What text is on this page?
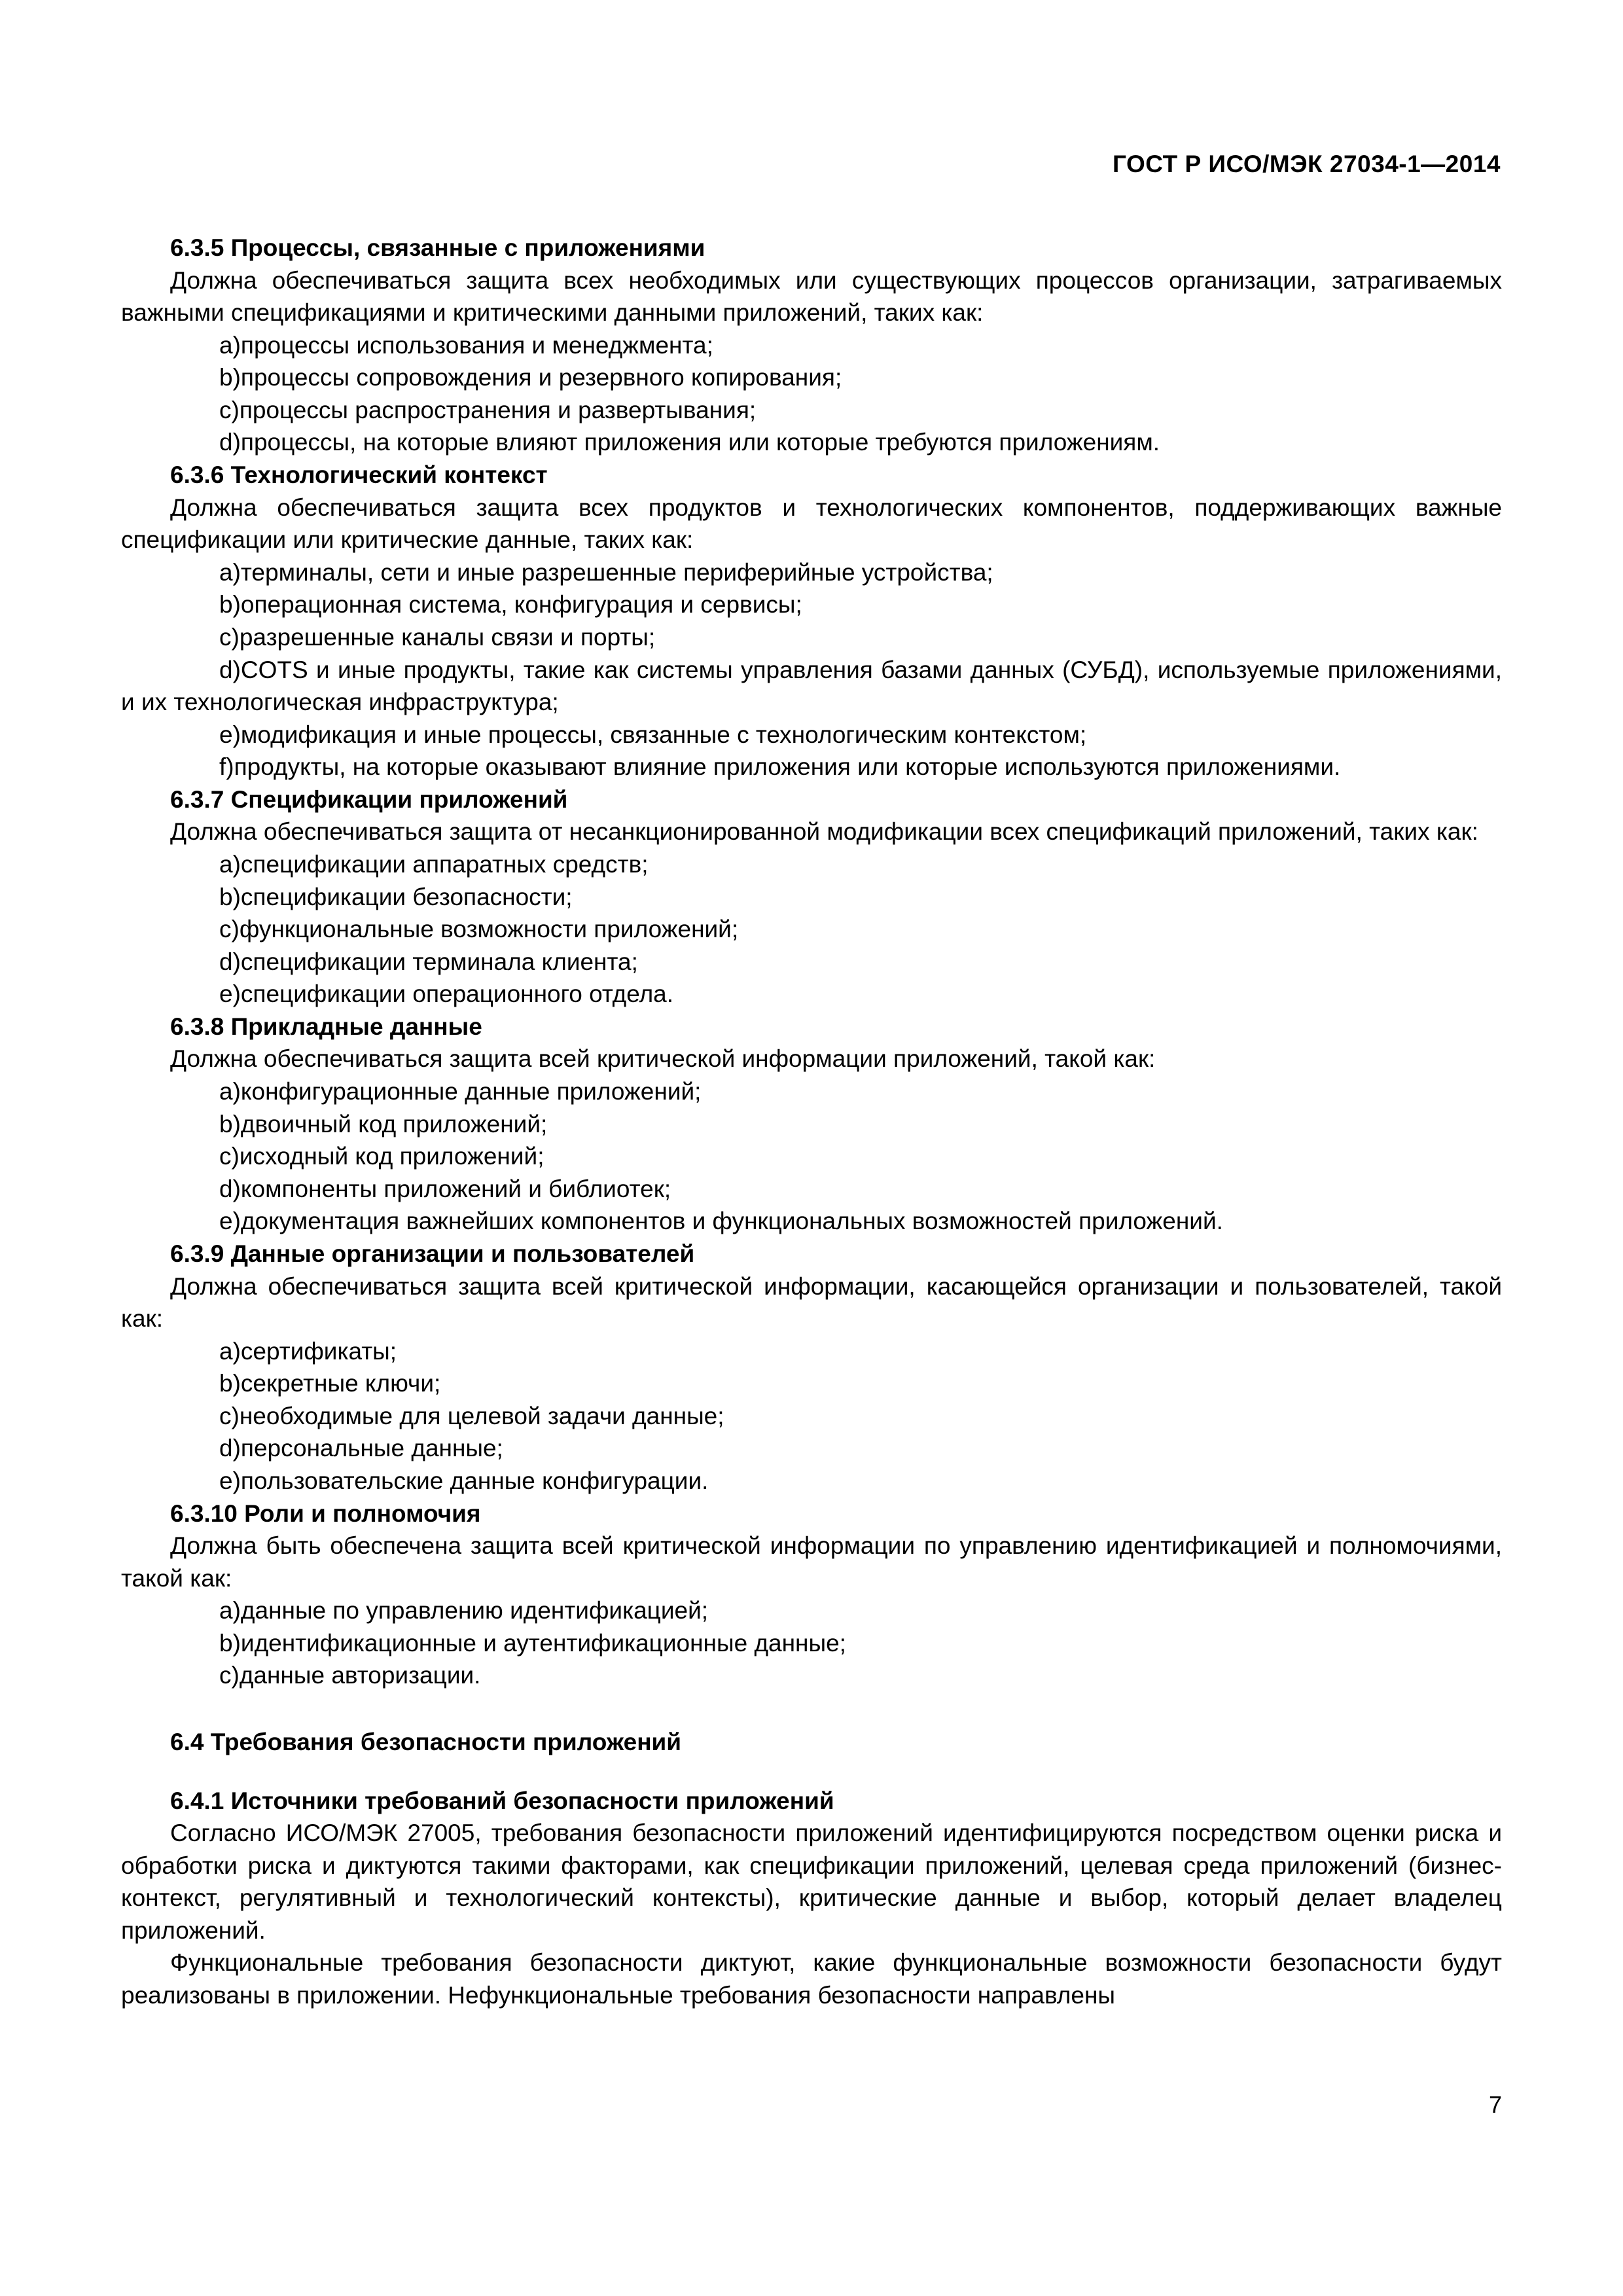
ГОСТ Р ИСО/МЭК 27034-1—2014
6.3.5 Процессы, связанные с приложениями

Должна обеспечиваться защита всех необходимых или существующих процессов организации, затрагиваемых важными спецификациями и критическими данными приложений, таких как:

a)процессы использования и менеджмента;

b)процессы сопровождения и резервного копирования;

c)процессы распространения и развертывания;

d)процессы, на которые влияют приложения или которые требуются приложениям.

6.3.6 Технологический контекст

Должна обеспечиваться защита всех продуктов и технологических компонентов, поддерживающих важные спецификации или критические данные, таких как:

a)терминалы, сети и иные разрешенные периферийные устройства;

b)операционная система, конфигурация и сервисы;

c)разрешенные каналы связи и порты;

d)COTS и иные продукты, такие как системы управления базами данных (СУБД), используемые приложениями, и их технологическая инфраструктура;

e)модификация и иные процессы, связанные с технологическим контекстом;

f)продукты, на которые оказывают влияние приложения или которые используются приложениями.

6.3.7 Спецификации приложений

Должна обеспечиваться защита от несанкционированной модификации всех спецификаций приложений, таких как:

a)спецификации аппаратных средств;

b)спецификации безопасности;

c)функциональные возможности приложений;

d)спецификации терминала клиента;

e)спецификации операционного отдела.

6.3.8 Прикладные данные

Должна обеспечиваться защита всей критической информации приложений, такой как:

a)конфигурационные данные приложений;

b)двоичный код приложений;

c)исходный код приложений;

d)компоненты приложений и библиотек;

e)документация важнейших компонентов и функциональных возможностей приложений.

6.3.9 Данные организации и пользователей

Должна обеспечиваться защита всей критической информации, касающейся организации и пользователей, такой как:

a)сертификаты;

b)секретные ключи;

c)необходимые для целевой задачи данные;

d)персональные данные;

e)пользовательские данные конфигурации.

6.3.10 Роли и полномочия

Должна быть обеспечена защита всей критической информации по управлению идентификацией и полномочиями, такой как:

a)данные по управлению идентификацией;

b)идентификационные и аутентификационные данные;

c)данные авторизации.

6.4 Требования безопасности приложений
6.4.1 Источники требований безопасности приложений

Согласно ИСО/МЭК 27005, требования безопасности приложений идентифицируются посредством оценки риска и обработки риска и диктуются такими факторами, как спецификации приложений, целевая среда приложений (бизнес-контекст, регулятивный и технологический контексты), критические данные и выбор, который делает владелец приложений.

Функциональные требования безопасности диктуют, какие функциональные возможности безопасности будут реализованы в приложении. Нефункциональные требования безопасности направлены

7
